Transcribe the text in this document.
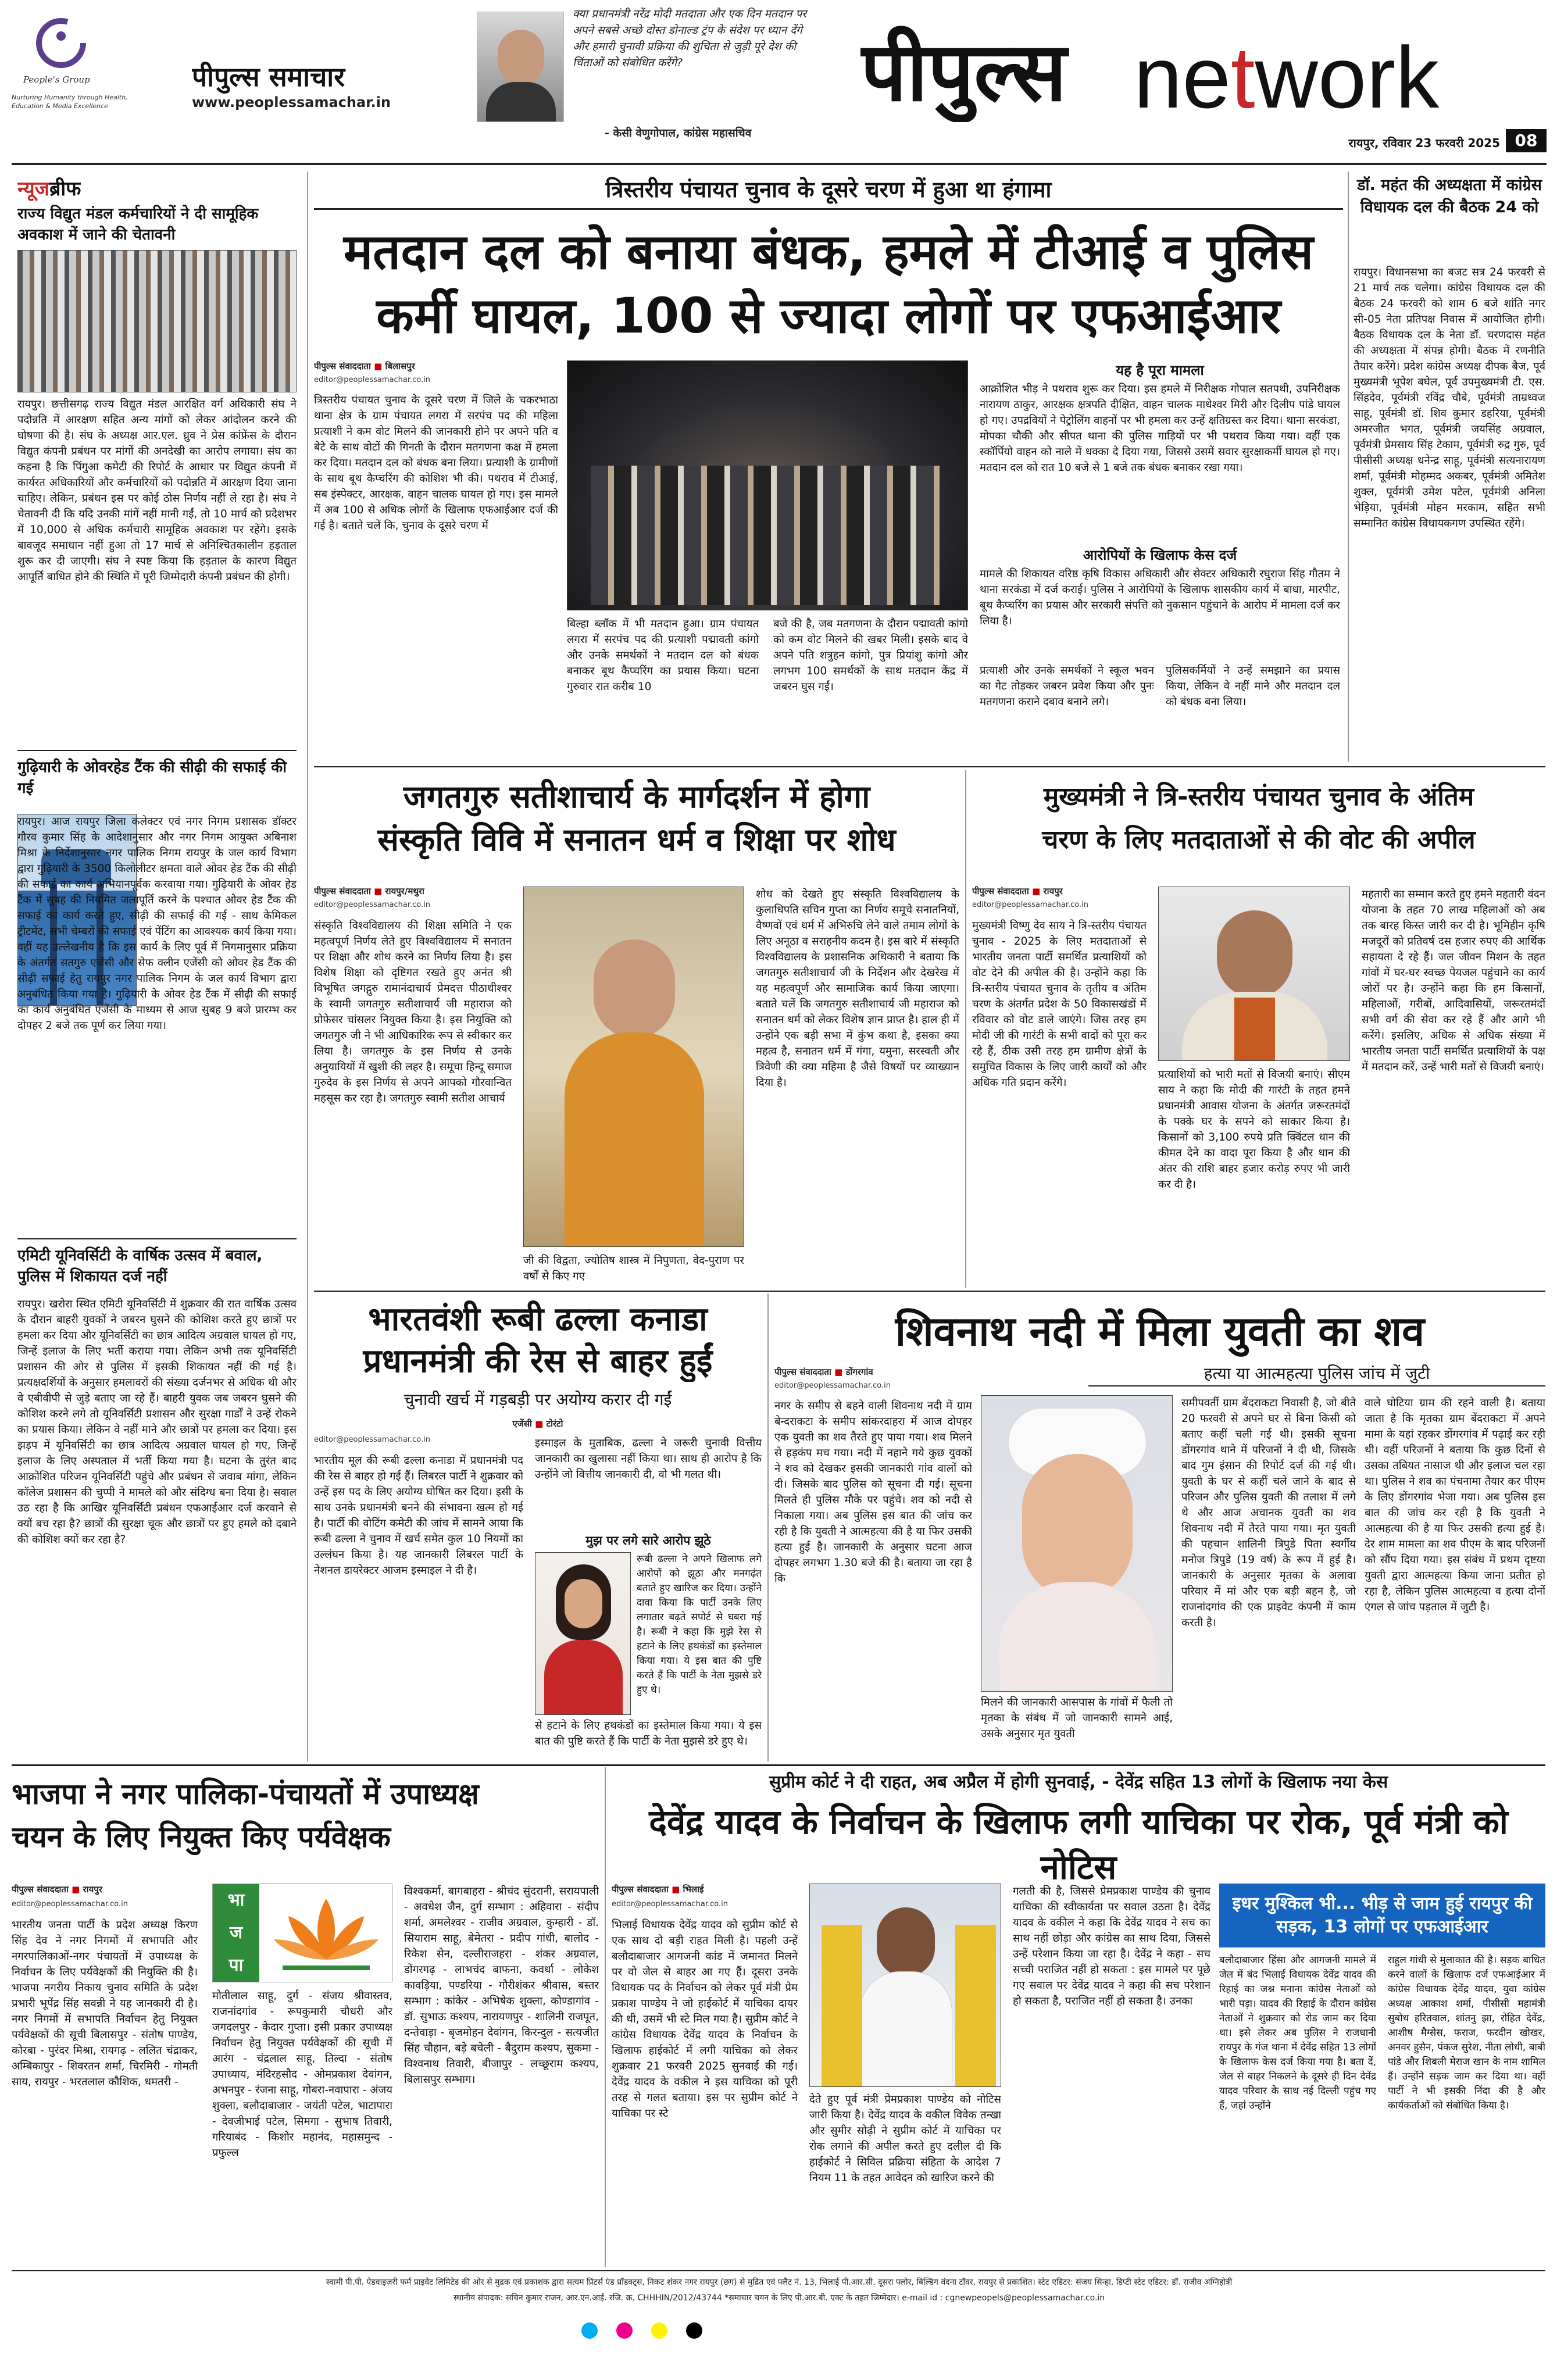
People's Group
Nurturing Humanity through Health, Education & Media Excellence
पीपुल्स समाचार
www.peoplessamachar.in
क्या प्रधानमंत्री नरेंद्र मोदी मतदाता और एक दिन मतदान पर अपने सबसे अच्छे दोस्त डोनाल्ड ट्रंप के संदेश पर ध्यान देंगे और हमारी चुनावी प्रक्रिया की शुचिता से जुड़ी पूरे देश की चिंताओं को संबोधित करेंगे?
- केसी वेणुगोपाल, कांग्रेस महासचिव
पीपुल्स network
रायपुर, रविवार 23 फरवरी 2025 08
न्यूजब्रीफ
राज्य विद्युत मंडल कर्मचारियों ने दी सामूहिक अवकाश में जाने की चेतावनी
रायपुर। छत्तीसगढ़ राज्य विद्युत मंडल आरक्षित वर्ग अधिकारी संघ ने पदोन्नति में आरक्षण सहित अन्य मांगों को लेकर आंदोलन करने की घोषणा की है। संघ के अध्यक्ष आर.एल. ध्रुव ने प्रेस कांफ्रेंस के दौरान विद्युत कंपनी प्रबंधन पर मांगों की अनदेखी का आरोप लगाया। संघ का कहना है कि पिंगुआ कमेटी की रिपोर्ट के आधार पर विद्युत कंपनी में कार्यरत अधिकारियों और कर्मचारियों को पदोन्नति में आरक्षण दिया जाना चाहिए। लेकिन, प्रबंधन इस पर कोई ठोस निर्णय नहीं ले रहा है। संघ ने चेतावनी दी कि यदि उनकी मांगें नहीं मानी गईं, तो 10 मार्च को प्रदेशभर में 10,000 से अधिक कर्मचारी सामूहिक अवकाश पर रहेंगे। इसके बावजूद समाधान नहीं हुआ तो 17 मार्च से अनिश्चितकालीन हड़ताल शुरू कर दी जाएगी। संघ ने स्पष्ट किया कि हड़ताल के कारण विद्युत आपूर्ति बाधित होने की स्थिति में पूरी जिम्मेदारी कंपनी प्रबंधन की होगी।
गुढ़ियारी के ओवरहेड टैंक की सीढ़ी की सफाई की गई
रायपुर। आज रायपुर जिला कलेक्टर एवं नगर निगम प्रशासक डॉक्टर गौरव कुमार सिंह के आदेशानुसार और नगर निगम आयुक्त अबिनाश मिश्रा के निर्देशानुसार नगर पालिक निगम रायपुर के जल कार्य विभाग द्वारा गुढ़ियारी के 3500 किलोलीटर क्षमता वाले ओवर हेड टैंक की सीढ़ी की सफाई का कार्य अभियानपूर्वक करवाया गया। गुढ़ियारी के ओवर हेड टैंक में सुबह की नियमित जलापूर्ति करने के पश्चात ओवर हेड टैंक की सफाई का कार्य करते हुए, सीढ़ी की सफाई की गई - साथ केमिकल ट्रीटमेंट, सभी चेम्बरों की सफाई एवं पेंटिंग का आवश्यक कार्य किया गया। वहीं यह उल्लेखनीय है कि इस कार्य के लिए पूर्व में निगमानुसार प्रक्रिया के अंतर्गत सतगुरु एजेंसी और सेफ क्लीन एजेंसी को ओवर हेड टैंक की सीढ़ी सफाई हेतु रायपुर नगर पालिक निगम के जल कार्य विभाग द्वारा अनुबंधित किया गया है। गुढ़ियारी के ओवर हेड टैंक में सीढ़ी की सफाई का कार्य अनुबंधित एजेंसी के माध्यम से आज सुबह 9 बजे प्रारम्भ कर दोपहर 2 बजे तक पूर्ण कर लिया गया।
एमिटी यूनिवर्सिटी के वार्षिक उत्सव में बवाल, पुलिस में शिकायत दर्ज नहीं
रायपुर। खरोरा स्थित एमिटी यूनिवर्सिटी में शुक्रवार की रात वार्षिक उत्सव के दौरान बाहरी युवकों ने जबरन घुसने की कोशिश करते हुए छात्रों पर हमला कर दिया और यूनिवर्सिटी का छात्र आदित्य अग्रवाल घायल हो गए, जिन्हें इलाज के लिए भर्ती कराया गया। लेकिन अभी तक यूनिवर्सिटी प्रशासन की ओर से पुलिस में इसकी शिकायत नहीं की गई है। प्रत्यक्षदर्शियों के अनुसार हमलावरों की संख्या दर्जनभर से अधिक थी और वे एबीवीपी से जुड़े बताए जा रहे हैं। बाहरी युवक जब जबरन घुसने की कोशिश करने लगे तो यूनिवर्सिटी प्रशासन और सुरक्षा गार्डों ने उन्हें रोकने का प्रयास किया। लेकिन वे नहीं माने और छात्रों पर हमला कर दिया। इस झड़प में यूनिवर्सिटी का छात्र आदित्य अग्रवाल घायल हो गए, जिन्हें इलाज के लिए अस्पताल में भर्ती किया गया है। घटना के तुरंत बाद आक्रोशित परिजन यूनिवर्सिटी पहुंचे और प्रबंधन से जवाब मांगा, लेकिन कॉलेज प्रशासन की चुप्पी ने मामले को और संदिग्ध बना दिया है। सवाल उठ रहा है कि आखिर यूनिवर्सिटी प्रबंधन एफआईआर दर्ज करवाने से क्यों बच रहा है? छात्रों की सुरक्षा चूक और छात्रों पर हुए हमले को दबाने की कोशिश क्यों कर रहा है?
त्रिस्तरीय पंचायत चुनाव के दूसरे चरण में हुआ था हंगामा
मतदान दल को बनाया बंधक, हमले में टीआई व पुलिस
कर्मी घायल, 100 से ज्यादा लोगों पर एफआईआर
पीपुल्स संवाददाता ■ बिलासपुर
editor@peoplessamachar.co.in
त्रिस्तरीय पंचायत चुनाव के दूसरे चरण में जिले के चकरभाठा थाना क्षेत्र के ग्राम पंचायत लगरा में सरपंच पद की महिला प्रत्याशी ने कम वोट मिलने की जानकारी होने पर अपने पति व बेटे के साथ वोटों की गिनती के दौरान मतगणना कक्ष में हमला कर दिया। मतदान दल को बंधक बना लिया। प्रत्याशी के ग्रामीणों के साथ बूथ कैप्चरिंग की कोशिश भी की। पथराव में टीआई, सब इंस्पेक्टर, आरक्षक, वाहन चालक घायल हो गए। इस मामले में अब 100 से अधिक लोगों के खिलाफ एफआईआर दर्ज की गई है। बताते चलें कि, चुनाव के दूसरे चरण में
बिल्हा ब्लॉक में भी मतदान हुआ। ग्राम पंचायत लगरा में सरपंच पद की प्रत्याशी पद्मावती कांगो और उनके समर्थकों ने मतदान दल को बंधक बनाकर बूथ कैप्चरिंग का प्रयास किया। घटना गुरुवार रात करीब 10
बजे की है, जब मतगणना के दौरान पद्मावती कांगो को कम वोट मिलने की खबर मिली। इसके बाद वे अपने पति शत्रुहन कांगो, पुत्र प्रियांशु कांगो और लगभग 100 समर्थकों के साथ मतदान केंद्र में जबरन घुस गईं।
यह है पूरा मामला
आक्रोशित भीड़ ने पथराव शुरू कर दिया। इस हमले में निरीक्षक गोपाल सतपथी, उपनिरीक्षक नारायण ठाकुर, आरक्षक क्षत्रपति दीक्षित, वाहन चालक माधेश्वर मिरी और दिलीप पांडे घायल हो गए। उपद्रवियों ने पेट्रोलिंग वाहनों पर भी हमला कर उन्हें क्षतिग्रस्त कर दिया। थाना सरकंडा, मोपका चौकी और सीपत थाना की पुलिस गाड़ियों पर भी पथराव किया गया। वहीं एक स्कॉर्पियो वाहन को नाले में धक्का दे दिया गया, जिससे उसमें सवार सुरक्षाकर्मी घायल हो गए। मतदान दल को रात 10 बजे से 1 बजे तक बंधक बनाकर रखा गया।
आरोपियों के खिलाफ केस दर्ज
मामले की शिकायत वरिष्ठ कृषि विकास अधिकारी और सेक्टर अधिकारी रघुराज सिंह गौतम ने थाना सरकंडा में दर्ज कराई। पुलिस ने आरोपियों के खिलाफ शासकीय कार्य में बाधा, मारपीट, बूथ कैप्चरिंग का प्रयास और सरकारी संपत्ति को नुकसान पहुंचाने के आरोप में मामला दर्ज कर लिया है।
प्रत्याशी और उनके समर्थकों ने स्कूल भवन का गेट तोड़कर जबरन प्रवेश किया और पुनः मतगणना कराने दबाव बनाने लगे।
पुलिसकर्मियों ने उन्हें समझाने का प्रयास किया, लेकिन वे नहीं माने और मतदान दल को बंधक बना लिया।
डॉ. महंत की अध्यक्षता में कांग्रेस विधायक दल की बैठक 24 को
रायपुर। विधानसभा का बजट सत्र 24 फरवरी से 21 मार्च तक चलेगा। कांग्रेस विधायक दल की बैठक 24 फरवरी को शाम 6 बजे शांति नगर सी-05 नेता प्रतिपक्ष निवास में आयोजित होगी। बैठक विधायक दल के नेता डॉ. चरणदास महंत की अध्यक्षता में संपन्न होगी। बैठक में रणनीति तैयार करेंगे। प्रदेश कांग्रेस अध्यक्ष दीपक बैज, पूर्व मुख्यमंत्री भूपेश बघेल, पूर्व उपमुख्यमंत्री टी. एस. सिंहदेव, पूर्वमंत्री रविंद्र चौबे, पूर्वमंत्री ताम्रध्वज साहू, पूर्वमंत्री डॉ. शिव कुमार डहरिया, पूर्वमंत्री अमरजीत भगत, पूर्वमंत्री जयसिंह अग्रवाल, पूर्वमंत्री प्रेमसाय सिंह टेकाम, पूर्वमंत्री रुद्र गुरु, पूर्व पीसीसी अध्यक्ष धनेन्द्र साहू, पूर्वमंत्री सत्यनारायण शर्मा, पूर्वमंत्री मोहम्मद अकबर, पूर्वमंत्री अमितेश शुक्ल, पूर्वमंत्री उमेश पटेल, पूर्वमंत्री अनिला भेड़िया, पूर्वमंत्री मोहन मरकाम, सहित सभी सम्मानित कांग्रेस विधायकगण उपस्थित रहेंगे।
जगतगुरु सतीशाचार्य के मार्गदर्शन में होगा
संस्कृति विवि में सनातन धर्म व शिक्षा पर शोध
पीपुल्स संवाददाता ■ रायपुर/मथुरा
editor@peoplessamachar.co.in
संस्कृति विश्वविद्यालय की शिक्षा समिति ने एक महत्वपूर्ण निर्णय लेते हुए विश्वविद्यालय में सनातन पर शिक्षा और शोध करने का निर्णय लिया है। इस विशेष शिक्षा को दृष्टिगत रखते हुए अनंत श्री विभूषित जगद्गुरु रामानंदाचार्य प्रेमदत्त पीठाधीश्वर के स्वामी जगतगुरु सतीशाचार्य जी महाराज को प्रोफेसर चांसलर नियुक्त किया है। इस नियुक्ति को जगतगुरु जी ने भी आधिकारिक रूप से स्वीकार कर लिया है। जगतगुरु के इस निर्णय से उनके अनुयायियों में खुशी की लहर है। समूचा हिन्दू समाज गुरुदेव के इस निर्णय से अपने आपको गौरवान्वित महसूस कर रहा है। जगतगुरु स्वामी सतीश आचार्य
जी की विद्वता, ज्योतिष शास्त्र में निपुणता, वेद-पुराण पर वर्षों से किए गए
शोध को देखते हुए संस्कृति विश्वविद्यालय के कुलाधिपति सचिन गुप्ता का निर्णय समूचे सनातनियों, वैष्णवों एवं धर्म में अभिरुचि लेने वाले तमाम लोगों के लिए अनूठा व सराहनीय कदम है। इस बारे में संस्कृति विश्वविद्यालय के प्रशासनिक अधिकारी ने बताया कि जगतगुरु सतीशाचार्य जी के निर्देशन और देखरेख में यह महत्वपूर्ण और सामाजिक कार्य किया जाएगा। बताते चलें कि जगतगुरु सतीशाचार्य जी महाराज को सनातन धर्म को लेकर विशेष ज्ञान प्राप्त है। हाल ही में उन्होंने एक बड़ी सभा में कुंभ कथा है, इसका क्या महत्व है, सनातन धर्म में गंगा, यमुना, सरस्वती और त्रिवेणी की क्या महिमा है जैसे विषयों पर व्याख्यान दिया है।
मुख्यमंत्री ने त्रि-स्तरीय पंचायत चुनाव के अंतिम
चरण के लिए मतदाताओं से की वोट की अपील
पीपुल्स संवाददाता ■ रायपुर
editor@peoplessamachar.co.in
मुख्यमंत्री विष्णु देव साय ने त्रि-स्तरीय पंचायत चुनाव - 2025 के लिए मतदाताओं से भारतीय जनता पार्टी समर्थित प्रत्याशियों को वोट देने की अपील की है। उन्होंने कहा कि त्रि-स्तरीय पंचायत चुनाव के तृतीय व अंतिम चरण के अंतर्गत प्रदेश के 50 विकासखंडों में रविवार को वोट डाले जाएंगे। जिस तरह हम मोदी जी की गारंटी के सभी वादों को पूरा कर रहे हैं, ठीक उसी तरह हम ग्रामीण क्षेत्रों के समुचित विकास के लिए जारी कार्यों को और अधिक गति प्रदान करेंगे।
प्रत्याशियों को भारी मतों से विजयी बनाएं। सीएम साय ने कहा कि मोदी की गारंटी के तहत हमने प्रधानमंत्री आवास योजना के अंतर्गत जरूरतमंदों के पक्के घर के सपने को साकार किया है। किसानों को 3,100 रुपये प्रति क्विंटल धान की कीमत देने का वादा पूरा किया है और धान की अंतर की राशि बाहर हजार करोड़ रुपए भी जारी कर दी है।
महतारी का सम्मान करते हुए हमने महतारी वंदन योजना के तहत 70 लाख महिलाओं को अब तक बारह किस्त जारी कर दी है। भूमिहीन कृषि मजदूरों को प्रतिवर्ष दस हजार रुपए की आर्थिक सहायता दे रहे हैं। जल जीवन मिशन के तहत गांवों में घर-घर स्वच्छ पेयजल पहुंचाने का कार्य जोरों पर है। उन्होंने कहा कि हम किसानों, महिलाओं, गरीबों, आदिवासियों, जरूरतमंदों सभी वर्ग की सेवा कर रहे हैं और आगे भी करेंगे। इसलिए, अधिक से अधिक संख्या में भारतीय जनता पार्टी समर्थित प्रत्याशियों के पक्ष में मतदान करें, उन्हें भारी मतों से विजयी बनाएं।
भारतवंशी रूबी ढल्ला कनाडा
प्रधानमंत्री की रेस से बाहर हुईं
चुनावी खर्च में गड़बड़ी पर अयोग्य करार दी गईं
एजेंसी ■ टोरंटो
editor@peoplessamachar.co.in
भारतीय मूल की रूबी ढल्ला कनाडा में प्रधानमंत्री पद की रेस से बाहर हो गई हैं। लिबरल पार्टी ने शुक्रवार को उन्हें इस पद के लिए अयोग्य घोषित कर दिया। इसी के साथ उनके प्रधानमंत्री बनने की संभावना खत्म हो गई है। पार्टी की वोटिंग कमेटी की जांच में सामने आया कि रूबी ढल्ला ने चुनाव में खर्च समेत कुल 10 नियमों का उल्लंघन किया है। यह जानकारी लिबरल पार्टी के नेशनल डायरेक्टर आजम इस्माइल ने दी है।
इस्माइल के मुताबिक, ढल्ला ने जरूरी चुनावी वित्तीय जानकारी का खुलासा नहीं किया था। साथ ही आरोप है कि उन्होंने जो वित्तीय जानकारी दी, वो भी गलत थी।
मुझ पर लगे सारे आरोप झूठे
रूबी ढल्ला ने अपने खिलाफ लगे आरोपों को झूठा और मनगढ़ंत बताते हुए खारिज कर दिया। उन्होंने दावा किया कि पार्टी उनके लिए लगातार बढ़ते सपोर्ट से घबरा गई है। रूबी ने कहा कि मुझे रेस से हटाने के लिए हथकंडों का इस्तेमाल किया गया। ये इस बात की पुष्टि करते हैं कि पार्टी के नेता मुझसे डरे हुए थे।
से हटाने के लिए हथकंडों का इस्तेमाल किया गया। ये इस बात की पुष्टि करते हैं कि पार्टी के नेता मुझसे डरे हुए थे।
शिवनाथ नदी में मिला युवती का शव
हत्या या आत्महत्या पुलिस जांच में जुटी
पीपुल्स संवाददाता ■ डोंगरगांव
editor@peoplessamachar.co.in
नगर के समीप से बहने वाली शिवनाथ नदी में ग्राम बेन्दराकटा के समीप सांकरदाहरा में आज दोपहर एक युवती का शव तैरते हुए पाया गया। शव मिलने से हड़कंप मच गया। नदी में नहाने गये कुछ युवकों ने शव को देखकर इसकी जानकारी गांव वालों को दी। जिसके बाद पुलिस को सूचना दी गई। सूचना मिलते ही पुलिस मौके पर पहुंचे। शव को नदी से निकाला गया। अब पुलिस इस बात की जांच कर रही है कि युवती ने आत्महत्या की है या फिर उसकी हत्या हुई है। जानकारी के अनुसार घटना आज दोपहर लगभग 1.30 बजे की है। बताया जा रहा है कि
मिलने की जानकारी आसपास के गांवों में फैली तो मृतका के संबंध में जो जानकारी सामने आई, उसके अनुसार मृत युवती
समीपवर्ती ग्राम बेंदराकटा निवासी है, जो बीते 20 फरवरी से अपने घर से बिना किसी को बताए कहीं चली गई थी। इसकी सूचना डोंगरगांव थाने में परिजनों ने दी थी, जिसके बाद गुम इंसान की रिपोर्ट दर्ज की गई थी। युवती के घर से कहीं चले जाने के बाद से परिजन और पुलिस युवती की तलाश में लगे थे और आज अचानक युवती का शव शिवनाथ नदी में तैरते पाया गया। मृत युवती की पहचान शालिनी त्रिपुडे पिता स्वर्गीय मनोज त्रिपुडे (19 वर्ष) के रूप में हुई है। जानकारी के अनुसार मृतका के अलावा परिवार में मां और एक बड़ी बहन है, जो राजनांदगांव की एक प्राइवेट कंपनी में काम करती है।
वाले घोटिया ग्राम की रहने वाली है। बताया जाता है कि मृतका ग्राम बेंदराकटा में अपने मामा के यहां रहकर डोंगरगांव में पढ़ाई कर रही थी। वहीं परिजनों ने बताया कि कुछ दिनों से उसका तबियत नासाज थी और इलाज चल रहा था। पुलिस ने शव का पंचनामा तैयार कर पीएम के लिए डोंगरगांव भेजा गया। अब पुलिस इस बात की जांच कर रही है कि युवती ने आत्महत्या की है या फिर उसकी हत्या हुई है। देर शाम मामला का शव पीएम के बाद परिजनों को सौंप दिया गया। इस संबंध में प्रथम दृष्टया युवती द्वारा आत्महत्या किया जाना प्रतीत हो रहा है, लेकिन पुलिस आत्महत्या व हत्या दोनों एंगल से जांच पड़ताल में जुटी है।
भाजपा ने नगर पालिका-पंचायतों में उपाध्यक्ष
चयन के लिए नियुक्त किए पर्यवेक्षक
पीपुल्स संवाददाता ■ रायपुर
editor@peoplessamachar.co.in
भारतीय जनता पार्टी के प्रदेश अध्यक्ष किरण सिंह देव ने नगर निगमों में सभापति और नगरपालिकाओं-नगर पंचायतों में उपाध्यक्ष के निर्वाचन के लिए पर्यवेक्षकों की नियुक्ति की है। भाजपा नगरीय निकाय चुनाव समिति के प्रदेश प्रभारी भूपेंद्र सिंह सवन्नी ने यह जानकारी दी है। नगर निगमों में सभापति निर्वाचन हेतु नियुक्त पर्यवेक्षकों की सूची बिलासपुर - संतोष पाण्डेय, कोरबा - पुरंदर मिश्रा, रायगढ़ - ललित चंद्राकर, अम्बिकापुर - शिवरतन शर्मा, चिरमिरी - गोमती साय, रायपुर - भरतलाल कौशिक, धमतरी -
भा
ज
पा
मोतीलाल साहू, दुर्ग - संजय श्रीवास्तव, राजनांदगांव - रूपकुमारी चौधरी और जगदलपुर - केदार गुप्ता। इसी प्रकार उपाध्यक्ष निर्वाचन हेतु नियुक्त पर्यवेक्षकों की सूची में आरंग - चंद्रलाल साहू, तिल्दा - संतोष उपाध्याय, मंदिरहसौद - ओमप्रकाश देवांगन, अभनपुर - रंजना साहू, गोबरा-नवापारा - अंजय शुक्ला, बलौदाबाजार - जयंती पटेल, भाटापारा - देवजीभाई पटेल, सिमगा - सुभाष तिवारी, गरियाबंद - किशोर महानंद, महासमुन्द - प्रफुल्ल
विश्वकर्मा, बागबाहरा - श्रीचंद सुंदरानी, सरायपाली - अवधेश जैन, दुर्ग सम्भाग : अहिवारा - संदीप शर्मा, अमलेश्वर - राजीव अग्रवाल, कुम्हारी - डॉ. सियाराम साहू, बेमेतरा - प्रदीप गांधी, बालोद - रिकेश सेन, दल्लीराजहरा - शंकर अग्रवाल, डोंगरगढ़ - लाभचंद बाफना, कवर्धा - लोकेश कावड़िया, पण्डरिया - गौरीशंकर श्रीवास, बस्तर सम्भाग : कांकेर - अभिषेक शुक्ला, कोण्डागांव - डॉ. सुभाऊ कश्यप, नारायणपुर - शालिनी राजपूत, दन्तेवाड़ा - बृजमोहन देवांगन, किरन्दुल - सत्यजीत सिंह चौहान, बड़े बचेली - बैदुराम कश्यप, सुकमा - विश्वनाथ तिवारी, बीजापुर - लच्छूराम कश्यप, बिलासपुर सम्भाग।
सुप्रीम कोर्ट ने दी राहत, अब अप्रैल में होगी सुनवाई, - देवेंद्र सहित 13 लोगों के खिलाफ नया केस
देवेंद्र यादव के निर्वाचन के खिलाफ लगी याचिका पर रोक, पूर्व मंत्री को नोटिस
पीपुल्स संवाददाता ■ भिलाई
editor@peoplessamachar.co.in
भिलाई विधायक देवेंद्र यादव को सुप्रीम कोर्ट से एक साथ दो बड़ी राहत मिली है। पहली उन्हें बलौदाबाजार आगजनी कांड में जमानत मिलने पर वो जेल से बाहर आ गए हैं। दूसरा उनके विधायक पद के निर्वाचन को लेकर पूर्व मंत्री प्रेम प्रकाश पाण्डेय ने जो हाईकोर्ट में याचिका दायर की थी, उसमें भी स्टे मिल गया है। सुप्रीम कोर्ट ने कांग्रेस विधायक देवेंद्र यादव के निर्वाचन के खिलाफ हाईकोर्ट में लगी याचिका को लेकर शुक्रवार 21 फरवरी 2025 सुनवाई की गई। देवेंद्र यादव के वकील ने इस याचिका को पूरी तरह से गलत बताया। इस पर सुप्रीम कोर्ट ने याचिका पर स्टे
देते हुए पूर्व मंत्री प्रेमप्रकाश पाण्डेय को नोटिस जारी किया है। देवेंद्र यादव के वकील विवेक तन्खा और सुमीर सोढ़ी ने सुप्रीम कोर्ट में याचिका पर रोक लगाने की अपील करते हुए दलील दी कि हाईकोर्ट ने सिविल प्रक्रिया संहिता के आदेश 7 नियम 11 के तहत आवेदन को खारिज करने की
गलती की है, जिससे प्रेमप्रकाश पाण्डेय की चुनाव याचिका की स्वीकार्यता पर सवाल उठता है। देवेंद्र यादव के वकील ने कहा कि देवेंद्र यादव ने सच का साथ नहीं छोड़ा और कांग्रेस का साथ दिया, जिससे उन्हें परेशान किया जा रहा है। देवेंद्र ने कहा - सच सच्ची पराजित नहीं हो सकता : इस मामले पर पूछे गए सवाल पर देवेंद्र यादव ने कहा की सच परेशान हो सकता है, पराजित नहीं हो सकता है। उनका
इधर मुश्किल भी... भीड़ से जाम हुई रायपुर की सड़क, 13 लोगों पर एफआईआर
बलौदाबाजार हिंसा और आगजनी मामले में जेल में बंद भिलाई विधायक देवेंद्र यादव की रिहाई का जश्न मनाना कांग्रेस नेताओं को भारी पड़ा। यादव की रिहाई के दौरान कांग्रेस नेताओं ने शुक्रवार को रोड जाम कर दिया था। इसे लेकर अब पुलिस ने राजधानी रायपुर के गंज थाना में देवेंद्र सहित 13 लोगों के खिलाफ केस दर्ज किया गया है। बता दें, जेल से बाहर निकलने के दूसरे ही दिन देवेंद्र यादव परिवार के साथ नई दिल्ली पहुंच गए हैं, जहां उन्होंने
राहुल गांधी से मुलाकात की है। सड़क बाधित करने वालों के खिलाफ दर्ज एफआईआर में कांग्रेस विधायक देवेंद्र यादव, युवा कांग्रेस अध्यक्ष आकाश शर्मा, पीसीसी महामंत्री सुबोध हरितवाल, शांतनु झा, रोहित देवेंद्र, आशीष मैग्सेस, फराज, फरदीन खोखर, अनवर हुसैन, पंकज सुरेश, नीता लोधी, बाबी पांडे और शिबली मेराज खान के नाम शामिल हैं। उन्होंने सड़क जाम कर दिया था। वहीं पार्टी ने भी इसकी निंदा की है और कार्यकर्ताओं को संबोधित किया है।
स्वामी पी.पी. ऐडवाइज़री फर्म प्राइवेट लिमिटेड की ओर से मुद्रक एवं प्रकाशक द्वारा सत्यम प्रिंटर्स एंड प्रॉडक्ट्स, निकट शंकर नगर रायपुर (छग) से मुद्रित एवं फ्लैट नं. 13, भिलाई पी.आर.सी. दूसरा फ्लोर, बिल्डिंग वंदना टॉवर, रायपुर से प्रकाशित। स्टेट एडिटर: संजय सिन्हा, डिप्टी स्टेट एडिटर: डॉ. राजीव अग्निहोत्री
स्थानीय संपादक: सचिन कुमार राजन, आर.एन.आई. रजि. क्र. CHHHIN/2012/43744 *समाचार चयन के लिए पी.आर.बी. एक्ट के तहत जिम्मेदार। e-mail id : cgnewpeopels@peoplessamachar.co.in
